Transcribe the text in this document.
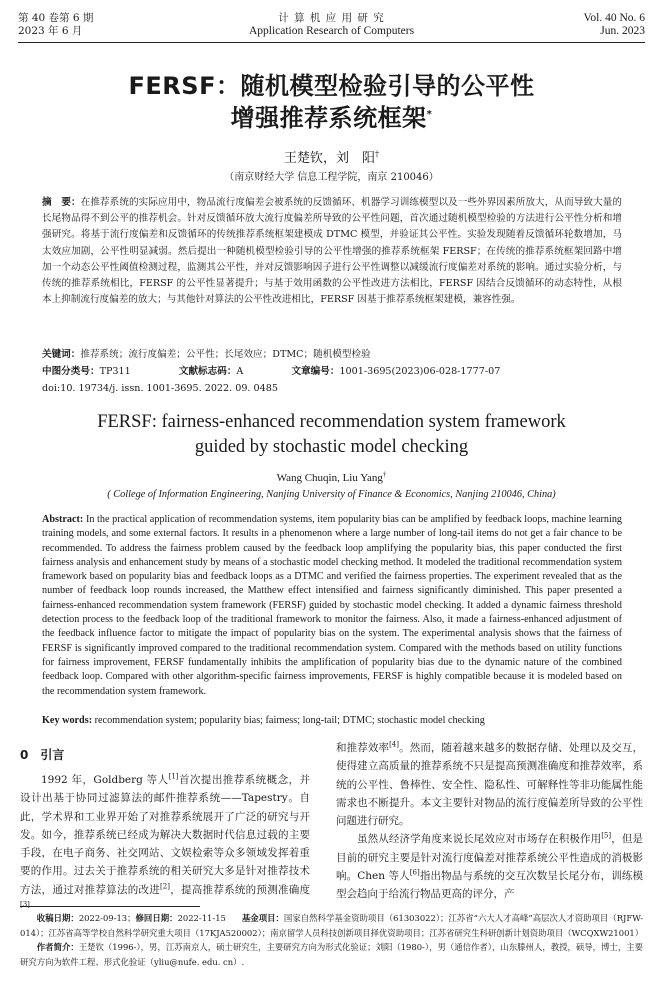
第 40 卷第 6 期
2023 年 6 月
计 算 机 应 用 研 究
Application Research of Computers
Vol. 40 No. 6
Jun. 2023
FERSF：随机模型检验引导的公平性
增强推荐系统框架*
王楚钦，刘　阳†
（南京财经大学 信息工程学院，南京 210046）
摘　要：在推荐系统的实际应用中，物品流行度偏差会被系统的反馈循环、机器学习训练模型以及一些外界因素所放大，从而导致大量的长尾物品得不到公平的推荐机会。针对反馈循环放大流行度偏差所导致的公平性问题，首次通过随机模型检验的方法进行公平性分析和增强研究。将基于流行度偏差和反馈循环的传统推荐系统框架建模成 DTMC 模型，并验证其公平性。实验发现随着反馈循环轮数增加，马太效应加剧，公平性明显减弱。然后提出一种随机模型检验引导的公平性增强的推荐系统框架 FERSF；在传统的推荐系统框架回路中增加一个动态公平性阈值检测过程，监测其公平性，并对反馈影响因子进行公平性调整以减缓流行度偏差对系统的影响。通过实验分析，与传统的推荐系统相比，FERSF 的公平性显著提升；与基于效用函数的公平性改进方法相比，FERSF 因结合反馈循环的动态特性，从根本上抑制流行度偏差的放大；与其他针对算法的公平性改进相比，FERSF 因基于推荐系统框架建模，兼容性强。
关键词：推荐系统；流行度偏差；公平性；长尾效应；DTMC；随机模型检验
中图分类号：TP311	文献标志码：A	文章编号：1001-3695(2023)06-028-1777-07
doi:10. 19734/j. issn. 1001-3695. 2022. 09. 0485
FERSF: fairness-enhanced recommendation system framework
guided by stochastic model checking
Wang Chuqin, Liu Yang†
( College of Information Engineering, Nanjing University of Finance & Economics, Nanjing 210046, China)
Abstract: In the practical application of recommendation systems, item popularity bias can be amplified by feedback loops, machine learning training models, and some external factors. It results in a phenomenon where a large number of long-tail items do not get a fair chance to be recommended. To address the fairness problem caused by the feedback loop amplifying the popularity bias, this paper conducted the first fairness analysis and enhancement study by means of a stochastic model checking method. It modeled the traditional recommendation system framework based on popularity bias and feedback loops as a DTMC and verified the fairness properties. The experiment revealed that as the number of feedback loop rounds increased, the Matthew effect intensified and fairness significantly diminished. This paper presented a fairness-enhanced recommendation system framework (FERSF) guided by stochastic model checking. It added a dynamic fairness threshold detection process to the feedback loop of the traditional framework to monitor the fairness. Also, it made a fairness-enhanced adjustment of the feedback influence factor to mitigate the impact of popularity bias on the system. The experimental analysis shows that the fairness of FERSF is significantly improved compared to the traditional recommendation system. Compared with the methods based on utility functions for fairness improvement, FERSF fundamentally inhibits the amplification of popularity bias due to the dynamic nature of the combined feedback loop. Compared with other algorithm-specific fairness improvements, FERSF is highly compatible because it is modeled based on the recommendation system framework.
Key words: recommendation system; popularity bias; fairness; long-tail; DTMC; stochastic model checking
0 引言
1992 年，Goldberg 等人[1]首次提出推荐系统概念，并设计出基于协同过滤算法的邮件推荐系统——Tapestry。自此，学术界和工业界开始了对推荐系统展开了广泛的研究与开发。如今，推荐系统已经成为解决大数据时代信息过载的主要手段，在电子商务、社交网站、文娱检索等众多领域发挥着重要的作用。过去关于推荐系统的相关研究大多是针对推荐技术方法，通过对推荐算法的改进[2]，提高推荐系统的预测准确度[3]
和推荐效率[4]。然而，随着越来越多的数据存储、处理以及交互，使得建立高质量的推荐系统不只是提高预测准确度和推荐效率，系统的公平性、鲁棒性、安全性、隐私性、可解释性等非功能属性能需求也不断提升。本文主要针对物品的流行度偏差所导致的公平性问题进行研究。
虽然从经济学角度来说长尾效应对市场存在积极作用[5]，但是目前的研究主要是针对流行度偏差对推荐系统公平性造成的消极影响。Chen 等人[6]指出物品与系统的交互次数呈长尾分布，训练模型会趋向于给流行物品更高的评分，产
收稿日期：2022-09-13；修回日期：2022-11-15 基金项目：国家自然科学基金资助项目（61303022）；江苏省“六大人才高峰”高层次人才资助项目（RJFW-014）；江苏省高等学校自然科学研究重大项目（17KJA520002）；南京留学人员科技创新项目择优资助项目；江苏省研究生科研创新计划资助项目（WCQXW21001）
作者简介：王楚钦（1996-），男，江苏南京人，硕士研究生，主要研究方向为形式化验证；刘阳（1980-），男（通信作者），山东滕州人，教授，硕导，博士，主要研究方向为软件工程、形式化验证（yliu@nufe. edu. cn）.
